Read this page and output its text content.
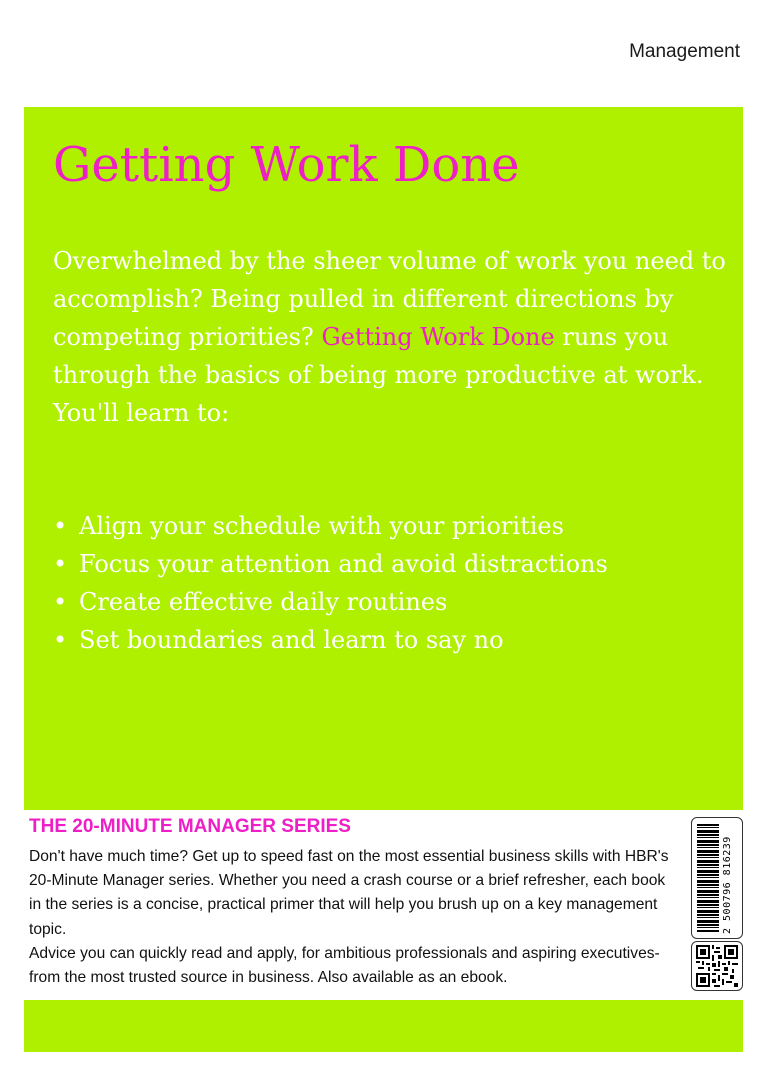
Management
Getting Work Done

Overwhelmed by the sheer volume of work you need to accomplish? Being pulled in different directions by competing priorities? Getting Work Done runs you through the basics of being more productive at work. You'll learn to:

• Align your schedule with your priorities
• Focus your attention and avoid distractions
• Create effective daily routines
• Set boundaries and learn to say no
THE 20-MINUTE MANAGER SERIES

Don't have much time? Get up to speed fast on the most essential business skills with HBR's 20-Minute Manager series. Whether you need a crash course or a brief refresher, each book in the series is a concise, practical primer that will help you brush up on a key management topic.

Advice you can quickly read and apply, for ambitious professionals and aspiring executives-from the most trusted source in business. Also available as an ebook.

2 500796 816239
